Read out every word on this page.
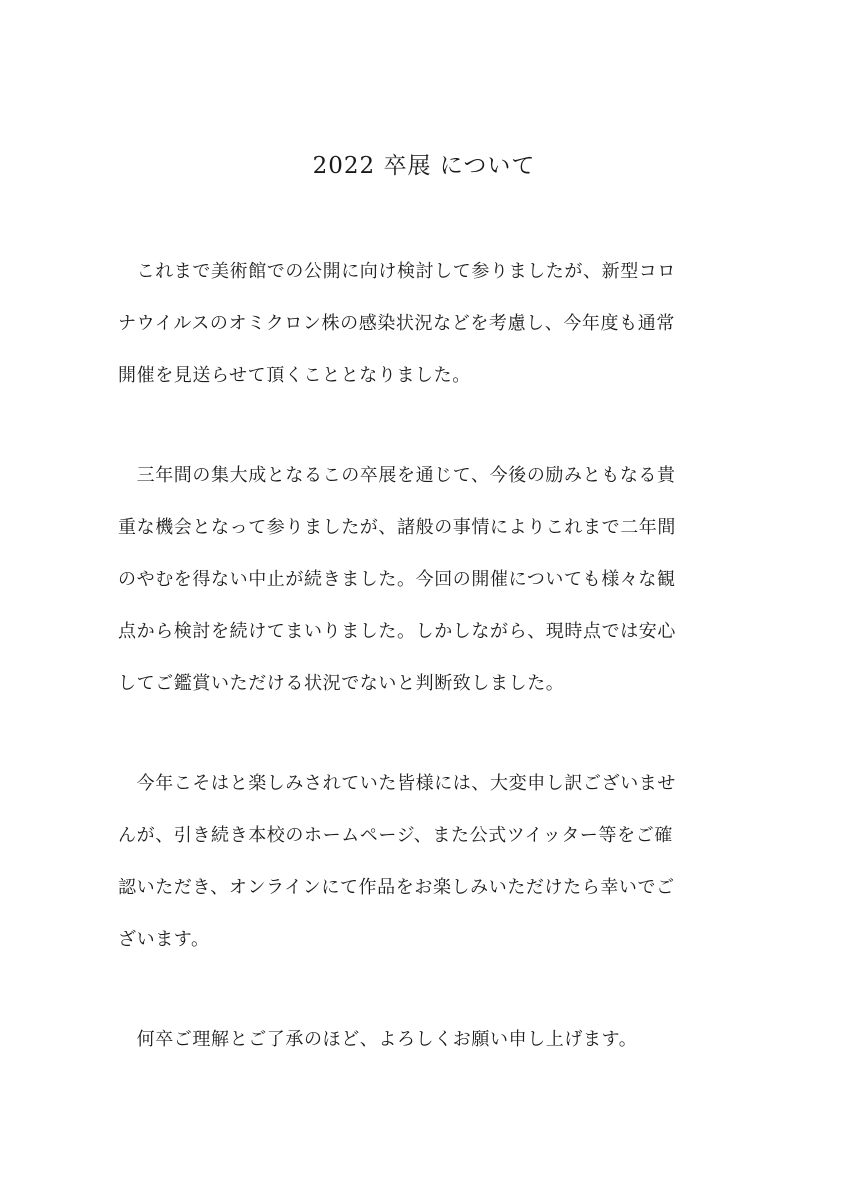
2022 卒展 について

　これまで美術館での公開に向け検討して参りましたが、新型コロ
ナウイルスのオミクロン株の感染状況などを考慮し、今年度も通常
開催を見送らせて頂くこととなりました。

　三年間の集大成となるこの卒展を通じて、今後の励みともなる貴
重な機会となって参りましたが、諸般の事情によりこれまで二年間
のやむを得ない中止が続きました。今回の開催についても様々な観
点から検討を続けてまいりました。しかしながら、現時点では安心
してご鑑賞いただける状況でないと判断致しました。

　今年こそはと楽しみされていた皆様には、大変申し訳ございませ
んが、引き続き本校のホームページ、また公式ツイッター等をご確
認いただき、オンラインにて作品をお楽しみいただけたら幸いでご
ざいます。

　何卒ご理解とご了承のほど、よろしくお願い申し上げます。
